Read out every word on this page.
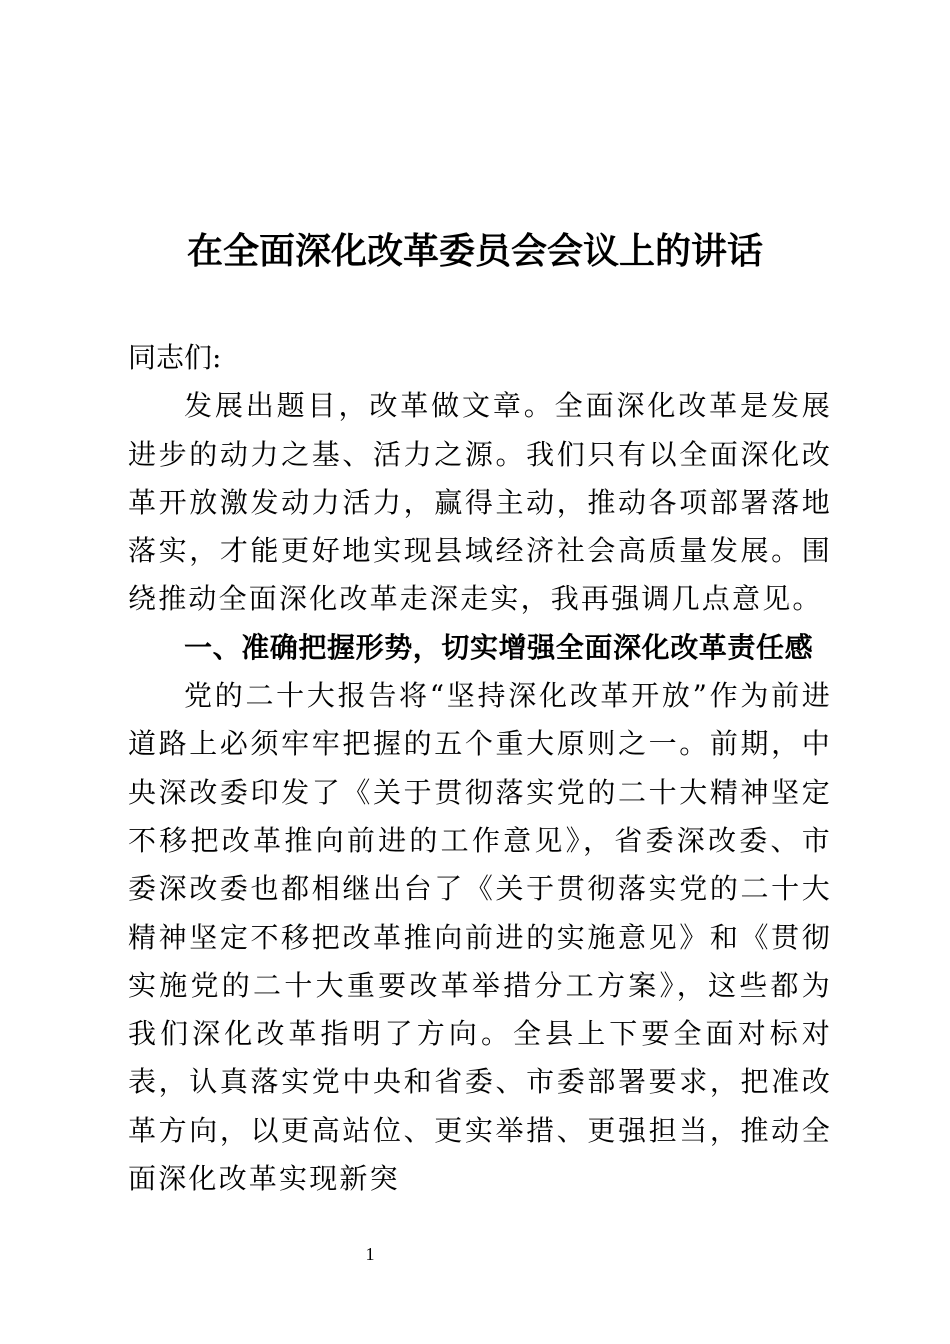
在全面深化改革委员会会议上的讲话

同志们:

发展出题目，改革做文章。全面深化改革是发展进步的动力之基、活力之源。我们只有以全面深化改革开放激发动力活力，赢得主动，推动各项部署落地落实，才能更好地实现县域经济社会高质量发展。围绕推动全面深化改革走深走实，我再强调几点意见。

一、准确把握形势，切实增强全面深化改革责任感

党的二十大报告将“坚持深化改革开放”作为前进道路上必须牢牢把握的五个重大原则之一。前期，中央深改委印发了《关于贯彻落实党的二十大精神坚定不移把改革推向前进的工作意见》，省委深改委、市委深改委也都相继出台了《关于贯彻落实党的二十大精神坚定不移把改革推向前进的实施意见》和《贯彻实施党的二十大重要改革举措分工方案》，这些都为我们深化改革指明了方向。全县上下要全面对标对表，认真落实党中央和省委、市委部署要求，把准改革方向，以更高站位、更实举措、更强担当，推动全面深化改革实现新突

1
